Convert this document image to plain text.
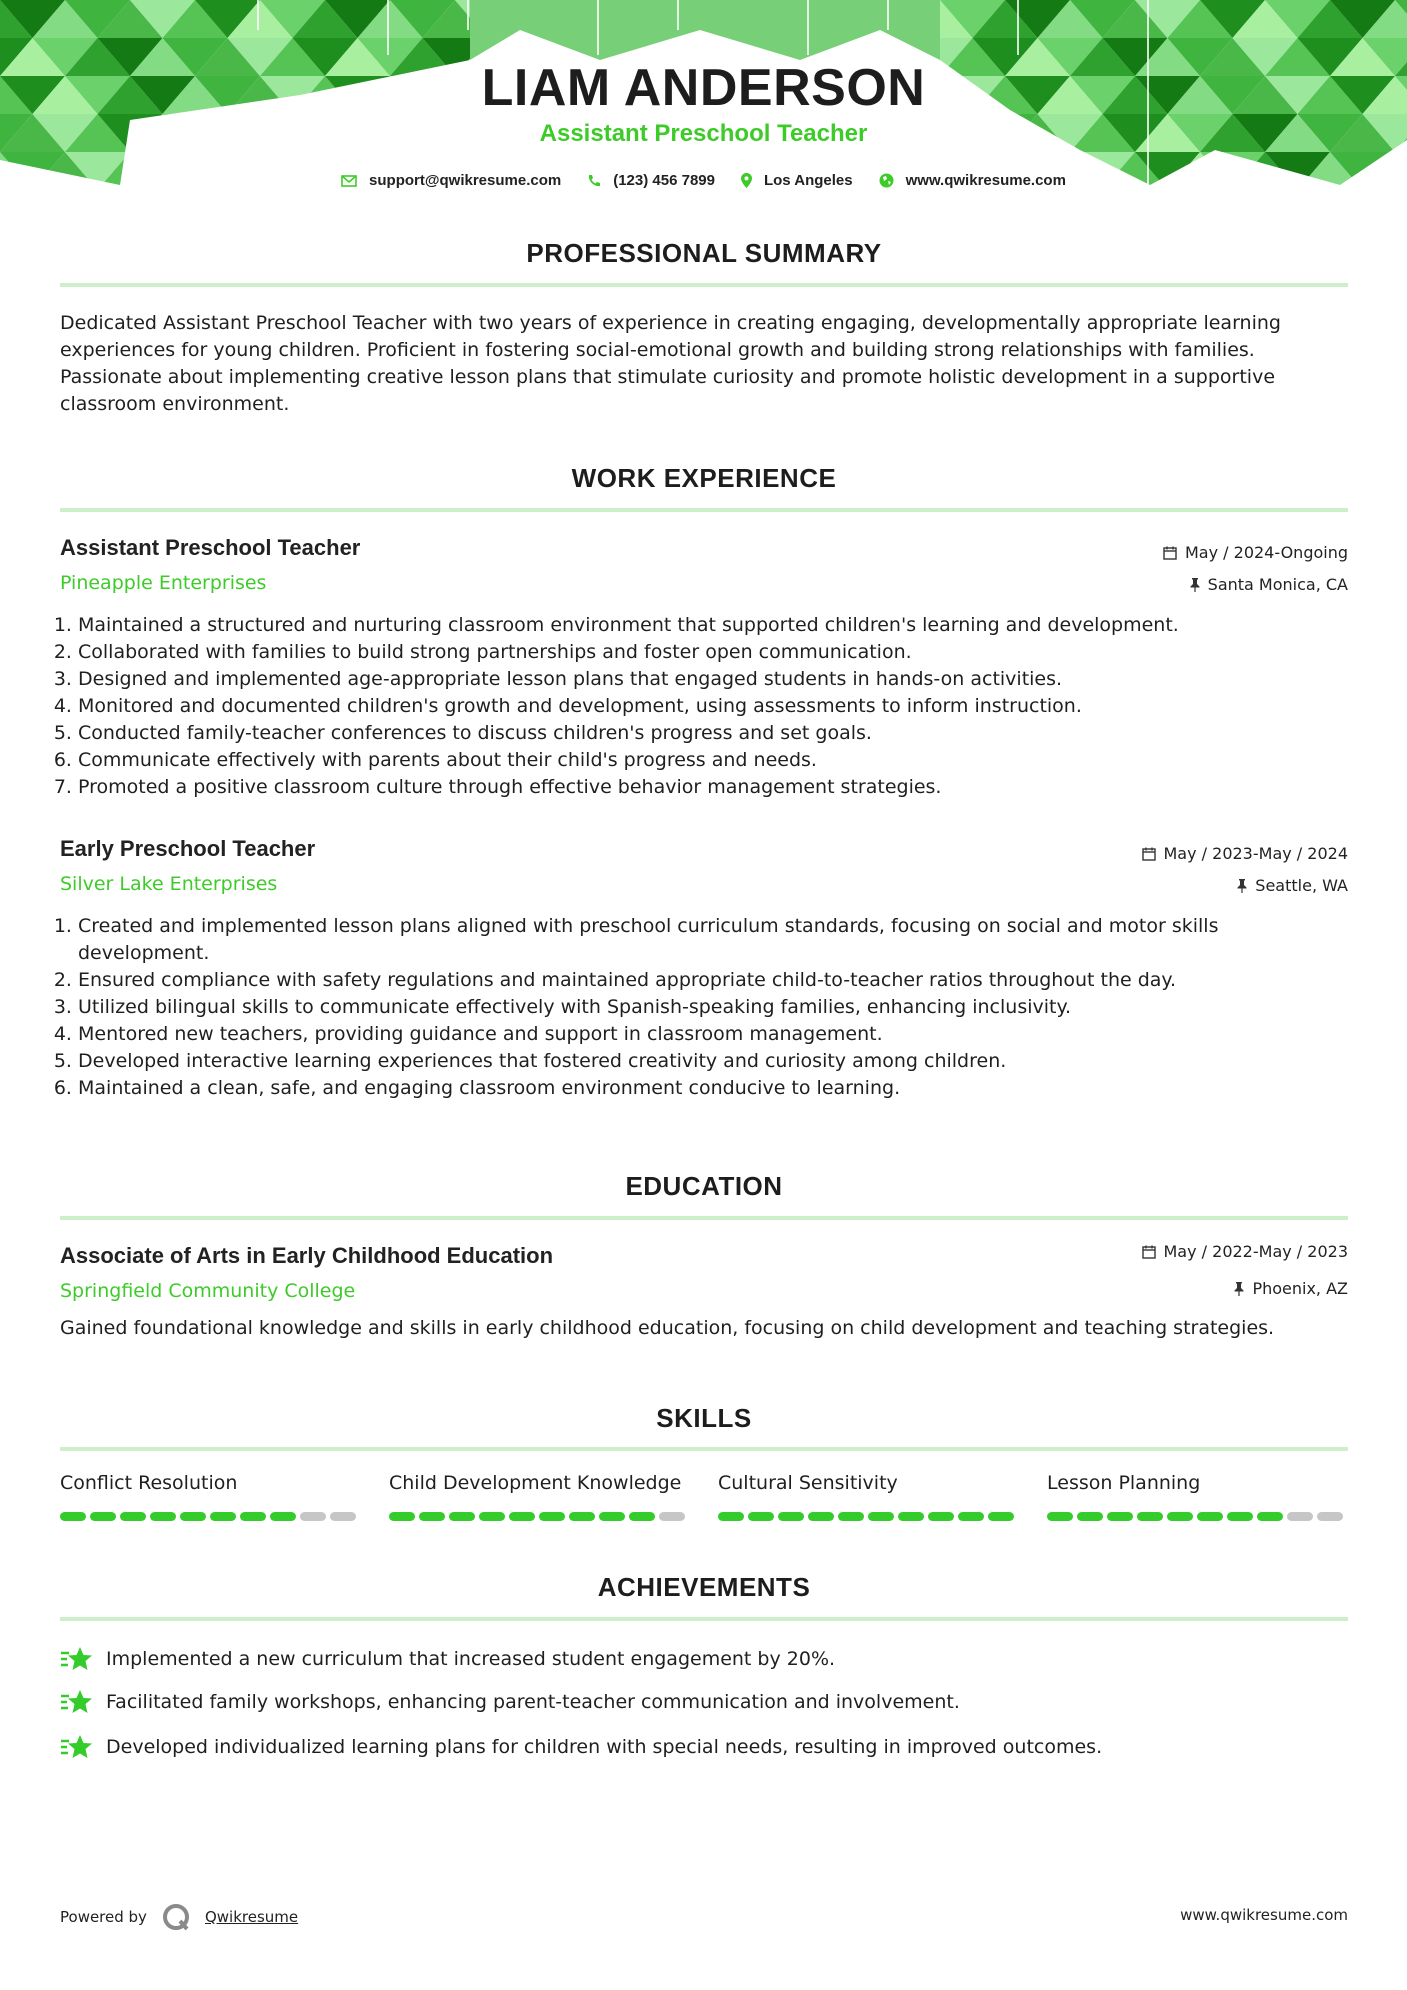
LIAM ANDERSON
Assistant Preschool Teacher
support@qwikresume.com	(123) 456 7899	Los Angeles	www.qwikresume.com
PROFESSIONAL SUMMARY
Dedicated Assistant Preschool Teacher with two years of experience in creating engaging, developmentally appropriate learning experiences for young children. Proficient in fostering social-emotional growth and building strong relationships with families. Passionate about implementing creative lesson plans that stimulate curiosity and promote holistic development in a supportive classroom environment.
WORK EXPERIENCE
Assistant Preschool Teacher
Pineapple Enterprises
May / 2024-Ongoing
Santa Monica, CA
1. Maintained a structured and nurturing classroom environment that supported children's learning and development.
2. Collaborated with families to build strong partnerships and foster open communication.
3. Designed and implemented age-appropriate lesson plans that engaged students in hands-on activities.
4. Monitored and documented children's growth and development, using assessments to inform instruction.
5. Conducted family-teacher conferences to discuss children's progress and set goals.
6. Communicate effectively with parents about their child's progress and needs.
7. Promoted a positive classroom culture through effective behavior management strategies.
Early Preschool Teacher
Silver Lake Enterprises
May / 2023-May / 2024
Seattle, WA
1. Created and implemented lesson plans aligned with preschool curriculum standards, focusing on social and motor skills development.
2. Ensured compliance with safety regulations and maintained appropriate child-to-teacher ratios throughout the day.
3. Utilized bilingual skills to communicate effectively with Spanish-speaking families, enhancing inclusivity.
4. Mentored new teachers, providing guidance and support in classroom management.
5. Developed interactive learning experiences that fostered creativity and curiosity among children.
6. Maintained a clean, safe, and engaging classroom environment conducive to learning.
EDUCATION
Associate of Arts in Early Childhood Education
Springfield Community College
May / 2022-May / 2023
Phoenix, AZ
Gained foundational knowledge and skills in early childhood education, focusing on child development and teaching strategies.
SKILLS
Conflict Resolution	Child Development Knowledge	Cultural Sensitivity	Lesson Planning
ACHIEVEMENTS
Implemented a new curriculum that increased student engagement by 20%.
Facilitated family workshops, enhancing parent-teacher communication and involvement.
Developed individualized learning plans for children with special needs, resulting in improved outcomes.
Powered by	Qwikresume	www.qwikresume.com
